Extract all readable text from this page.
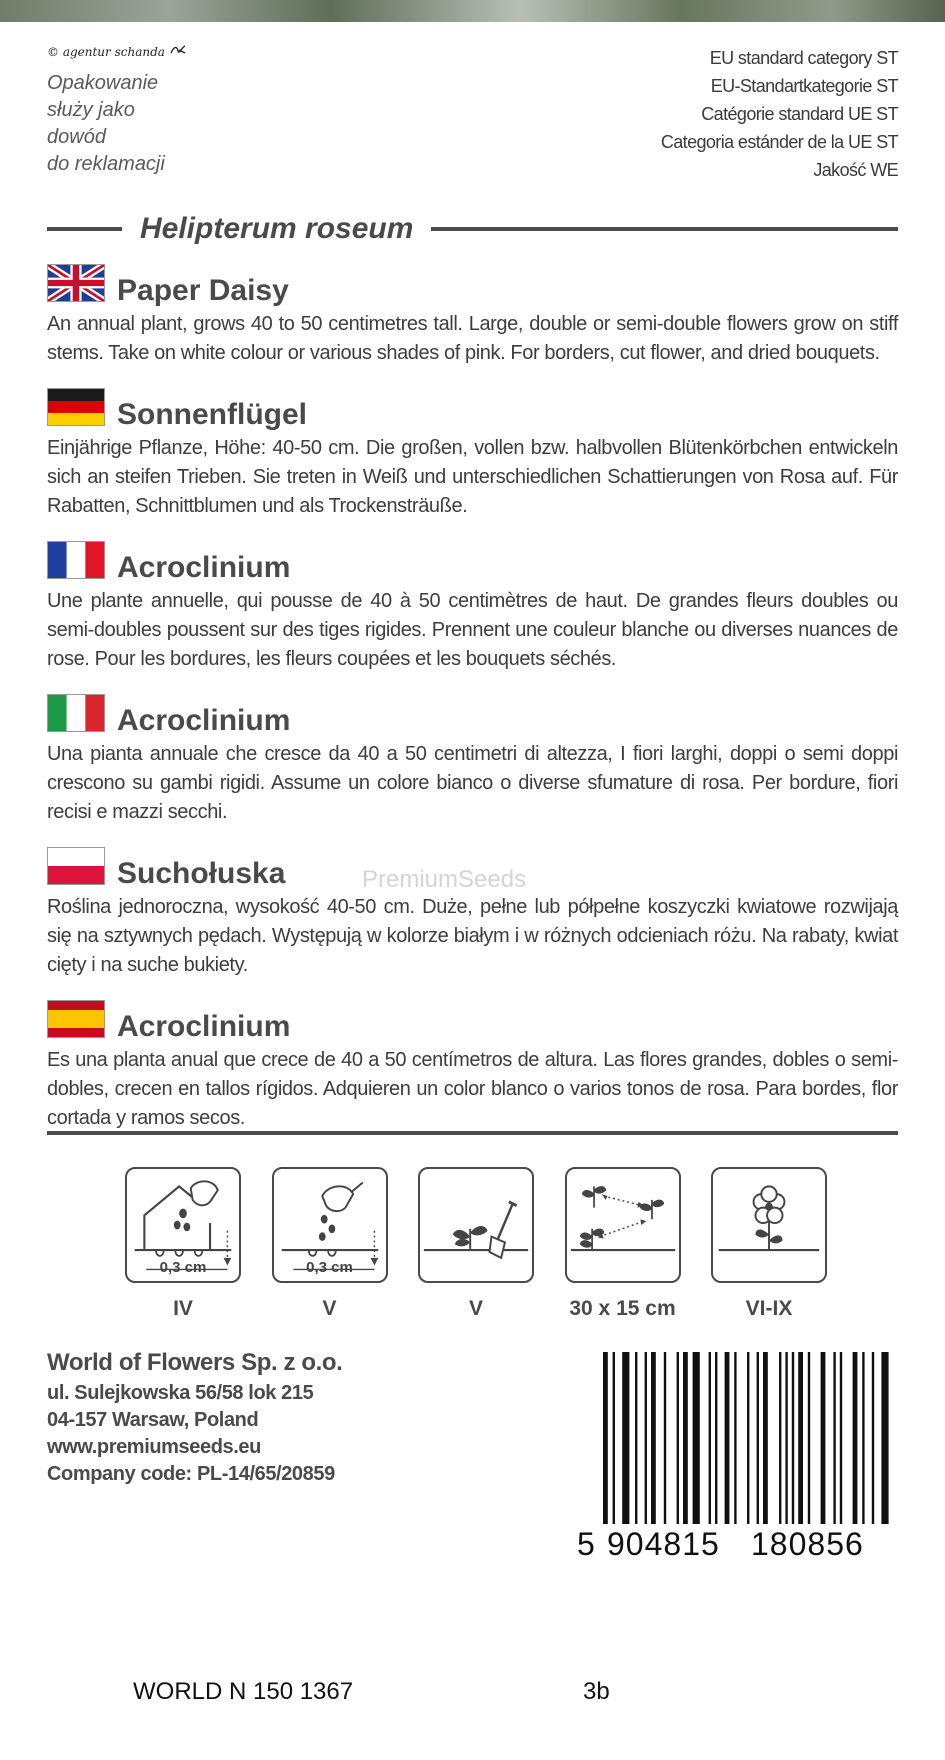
© agentur schanda
Opakowanie
służy jako
dowód
do reklamacji
EU standard category ST
EU-Standartkategorie ST
Catégorie standard UE ST
Categoria estánder de la UE ST
Jakość WE
Helipterum roseum
PremiumSeeds
Paper Daisy
An annual plant, grows 40 to 50 centimetres tall. Large, double or semi-double flowers grow on stiff stems. Take on white colour or various shades of pink. For borders, cut flower, and dried bouquets.
Sonnenflügel
Einjährige Pflanze, Höhe: 40-50 cm. Die großen, vollen bzw. halbvollen Blütenkörbchen entwickeln sich an steifen Trieben. Sie treten in Weiß und unterschiedlichen Schattierungen von Rosa auf. Für Rabatten, Schnittblumen und als Trockensträuße.
Acroclinium
Une plante annuelle, qui pousse de 40 à 50 centimètres de haut. De grandes fleurs doubles ou semi-doubles poussent sur des tiges rigides. Prennent une couleur blanche ou diverses nuances de rose. Pour les bordures, les fleurs coupées et les bouquets séchés.
Acroclinium
Una pianta annuale che cresce da 40 a 50 centimetri di altezza, I fiori larghi, doppi o semi doppi crescono su gambi rigidi. Assume un colore bianco o diverse sfumature di rosa. Per bordure, fiori recisi e mazzi secchi.
Suchołuska
Roślina jednoroczna, wysokość 40-50 cm. Duże, pełne lub półpełne koszyczki kwiatowe rozwijają się na sztywnych pędach. Występują w kolorze białym i w różnych odcieniach różu. Na rabaty, kwiat cięty i na suche bukiety.
Acroclinium
Es una planta anual que crece de 40 a 50 centímetros de altura. Las flores grandes, dobles o semi-dobles, crecen en tallos rígidos. Adquieren un color blanco o varios tonos de rosa. Para bordes, flor cortada y ramos secos.
0,3 cm
IV
0,3 cm
V	V	30 x 15 cm	VI-IX
World of Flowers Sp. z o.o.
ul. Sulejkowska 56/58 lok 215
04-157 Warsaw, Poland
www.premiumseeds.eu
Company code: PL-14/65/20859
5 904815 180856
WORLD N 150 1367	3b
